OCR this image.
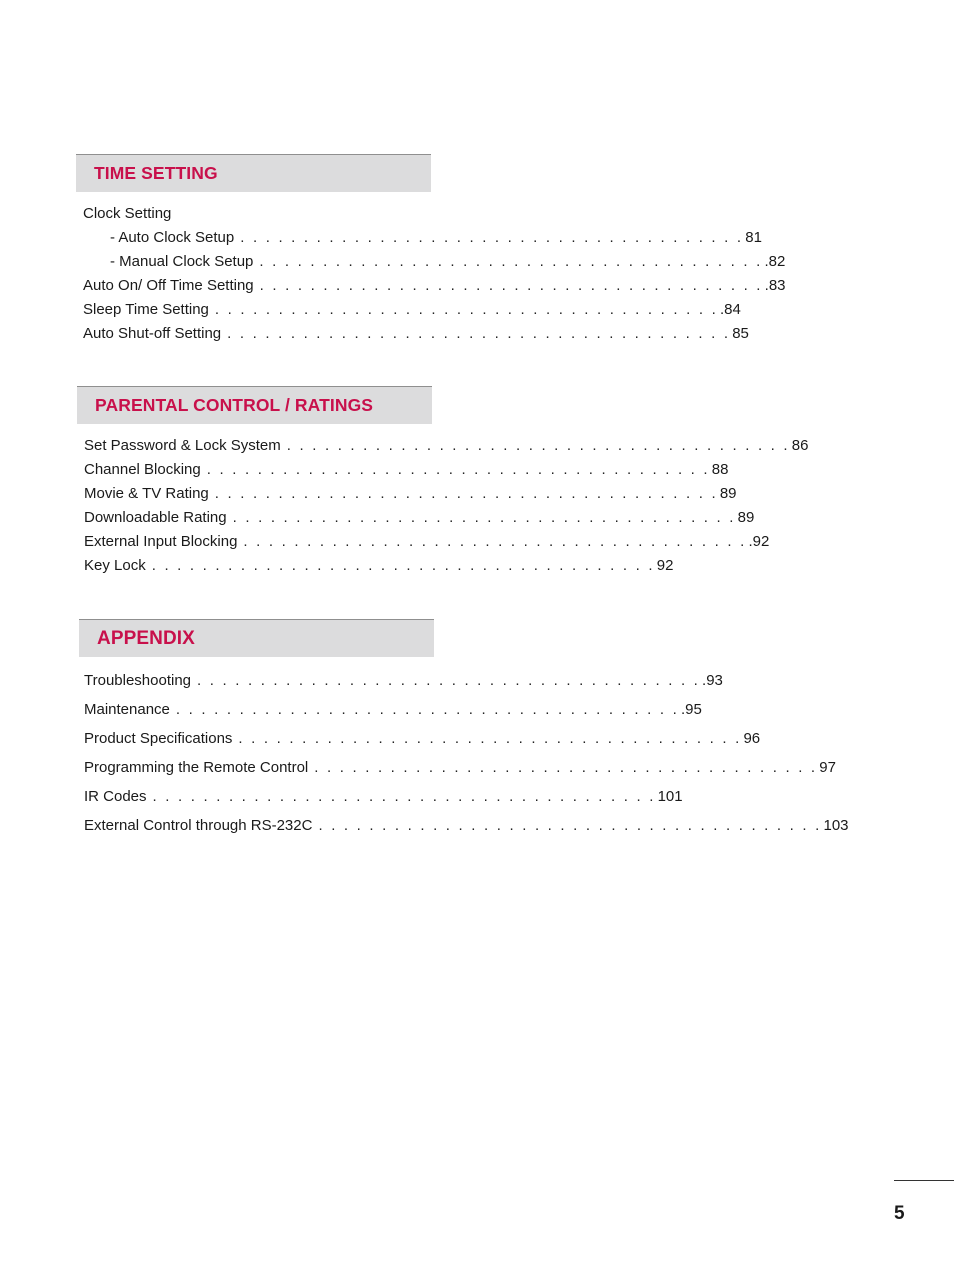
TIME SETTING
Clock Setting
- Auto Clock Setup . . . . . . . . . . . . . . . . . . . . . . . . . . . . . . . . . . . . . . . . 81
- Manual Clock Setup . . . . . . . . . . . . . . . . . . . . . . . . . . . . . . . . . . . . . . . . .82
Auto On/ Off Time Setting . . . . . . . . . . . . . . . . . . . . . . . . . . . . . . . . . . . . . . . . .83
Sleep Time Setting . . . . . . . . . . . . . . . . . . . . . . . . . . . . . . . . . . . . . . . . .84
Auto Shut-off Setting . . . . . . . . . . . . . . . . . . . . . . . . . . . . . . . . . . . . . . . . 85
PARENTAL CONTROL / RATINGS
Set Password & Lock System . . . . . . . . . . . . . . . . . . . . . . . . . . . . . . . . . . . . . . . . 86
Channel Blocking . . . . . . . . . . . . . . . . . . . . . . . . . . . . . . . . . . . . . . . . 88
Movie & TV Rating . . . . . . . . . . . . . . . . . . . . . . . . . . . . . . . . . . . . . . . . 89
Downloadable Rating . . . . . . . . . . . . . . . . . . . . . . . . . . . . . . . . . . . . . . . . 89
External Input Blocking . . . . . . . . . . . . . . . . . . . . . . . . . . . . . . . . . . . . . . . . .92
Key Lock . . . . . . . . . . . . . . . . . . . . . . . . . . . . . . . . . . . . . . . . 92
APPENDIX
Troubleshooting . . . . . . . . . . . . . . . . . . . . . . . . . . . . . . . . . . . . . . . . .93
Maintenance . . . . . . . . . . . . . . . . . . . . . . . . . . . . . . . . . . . . . . . . .95
Product Specifications . . . . . . . . . . . . . . . . . . . . . . . . . . . . . . . . . . . . . . . . 96
Programming the Remote Control . . . . . . . . . . . . . . . . . . . . . . . . . . . . . . . . . . . . . . . . 97
IR Codes . . . . . . . . . . . . . . . . . . . . . . . . . . . . . . . . . . . . . . . . 101
External Control through RS-232C . . . . . . . . . . . . . . . . . . . . . . . . . . . . . . . . . . . . . . . . 103
5
